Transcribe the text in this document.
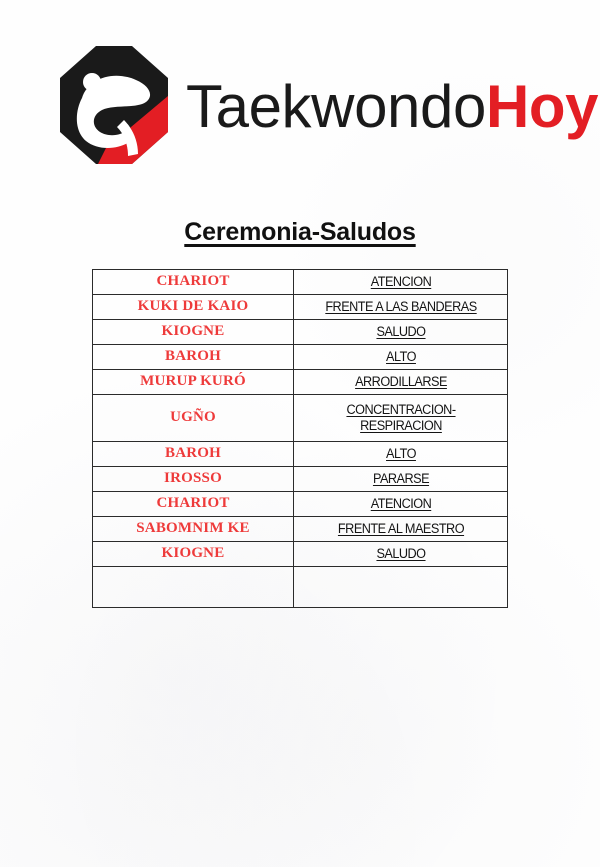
TaekwondoHoy
Ceremonia-Saludos
CHARIOT	ATENCION
KUKI DE KAIO	FRENTE A LAS BANDERAS
KIOGNE	SALUDO
BAROH	ALTO
MURUP KURÓ	ARRODILLARSE
UGÑO	CONCENTRACION-
RESPIRACION
BAROH	ALTO
IROSSO	PARARSE
CHARIOT	ATENCION
SABOMNIM KE	FRENTE AL MAESTRO
KIOGNE	SALUDO
